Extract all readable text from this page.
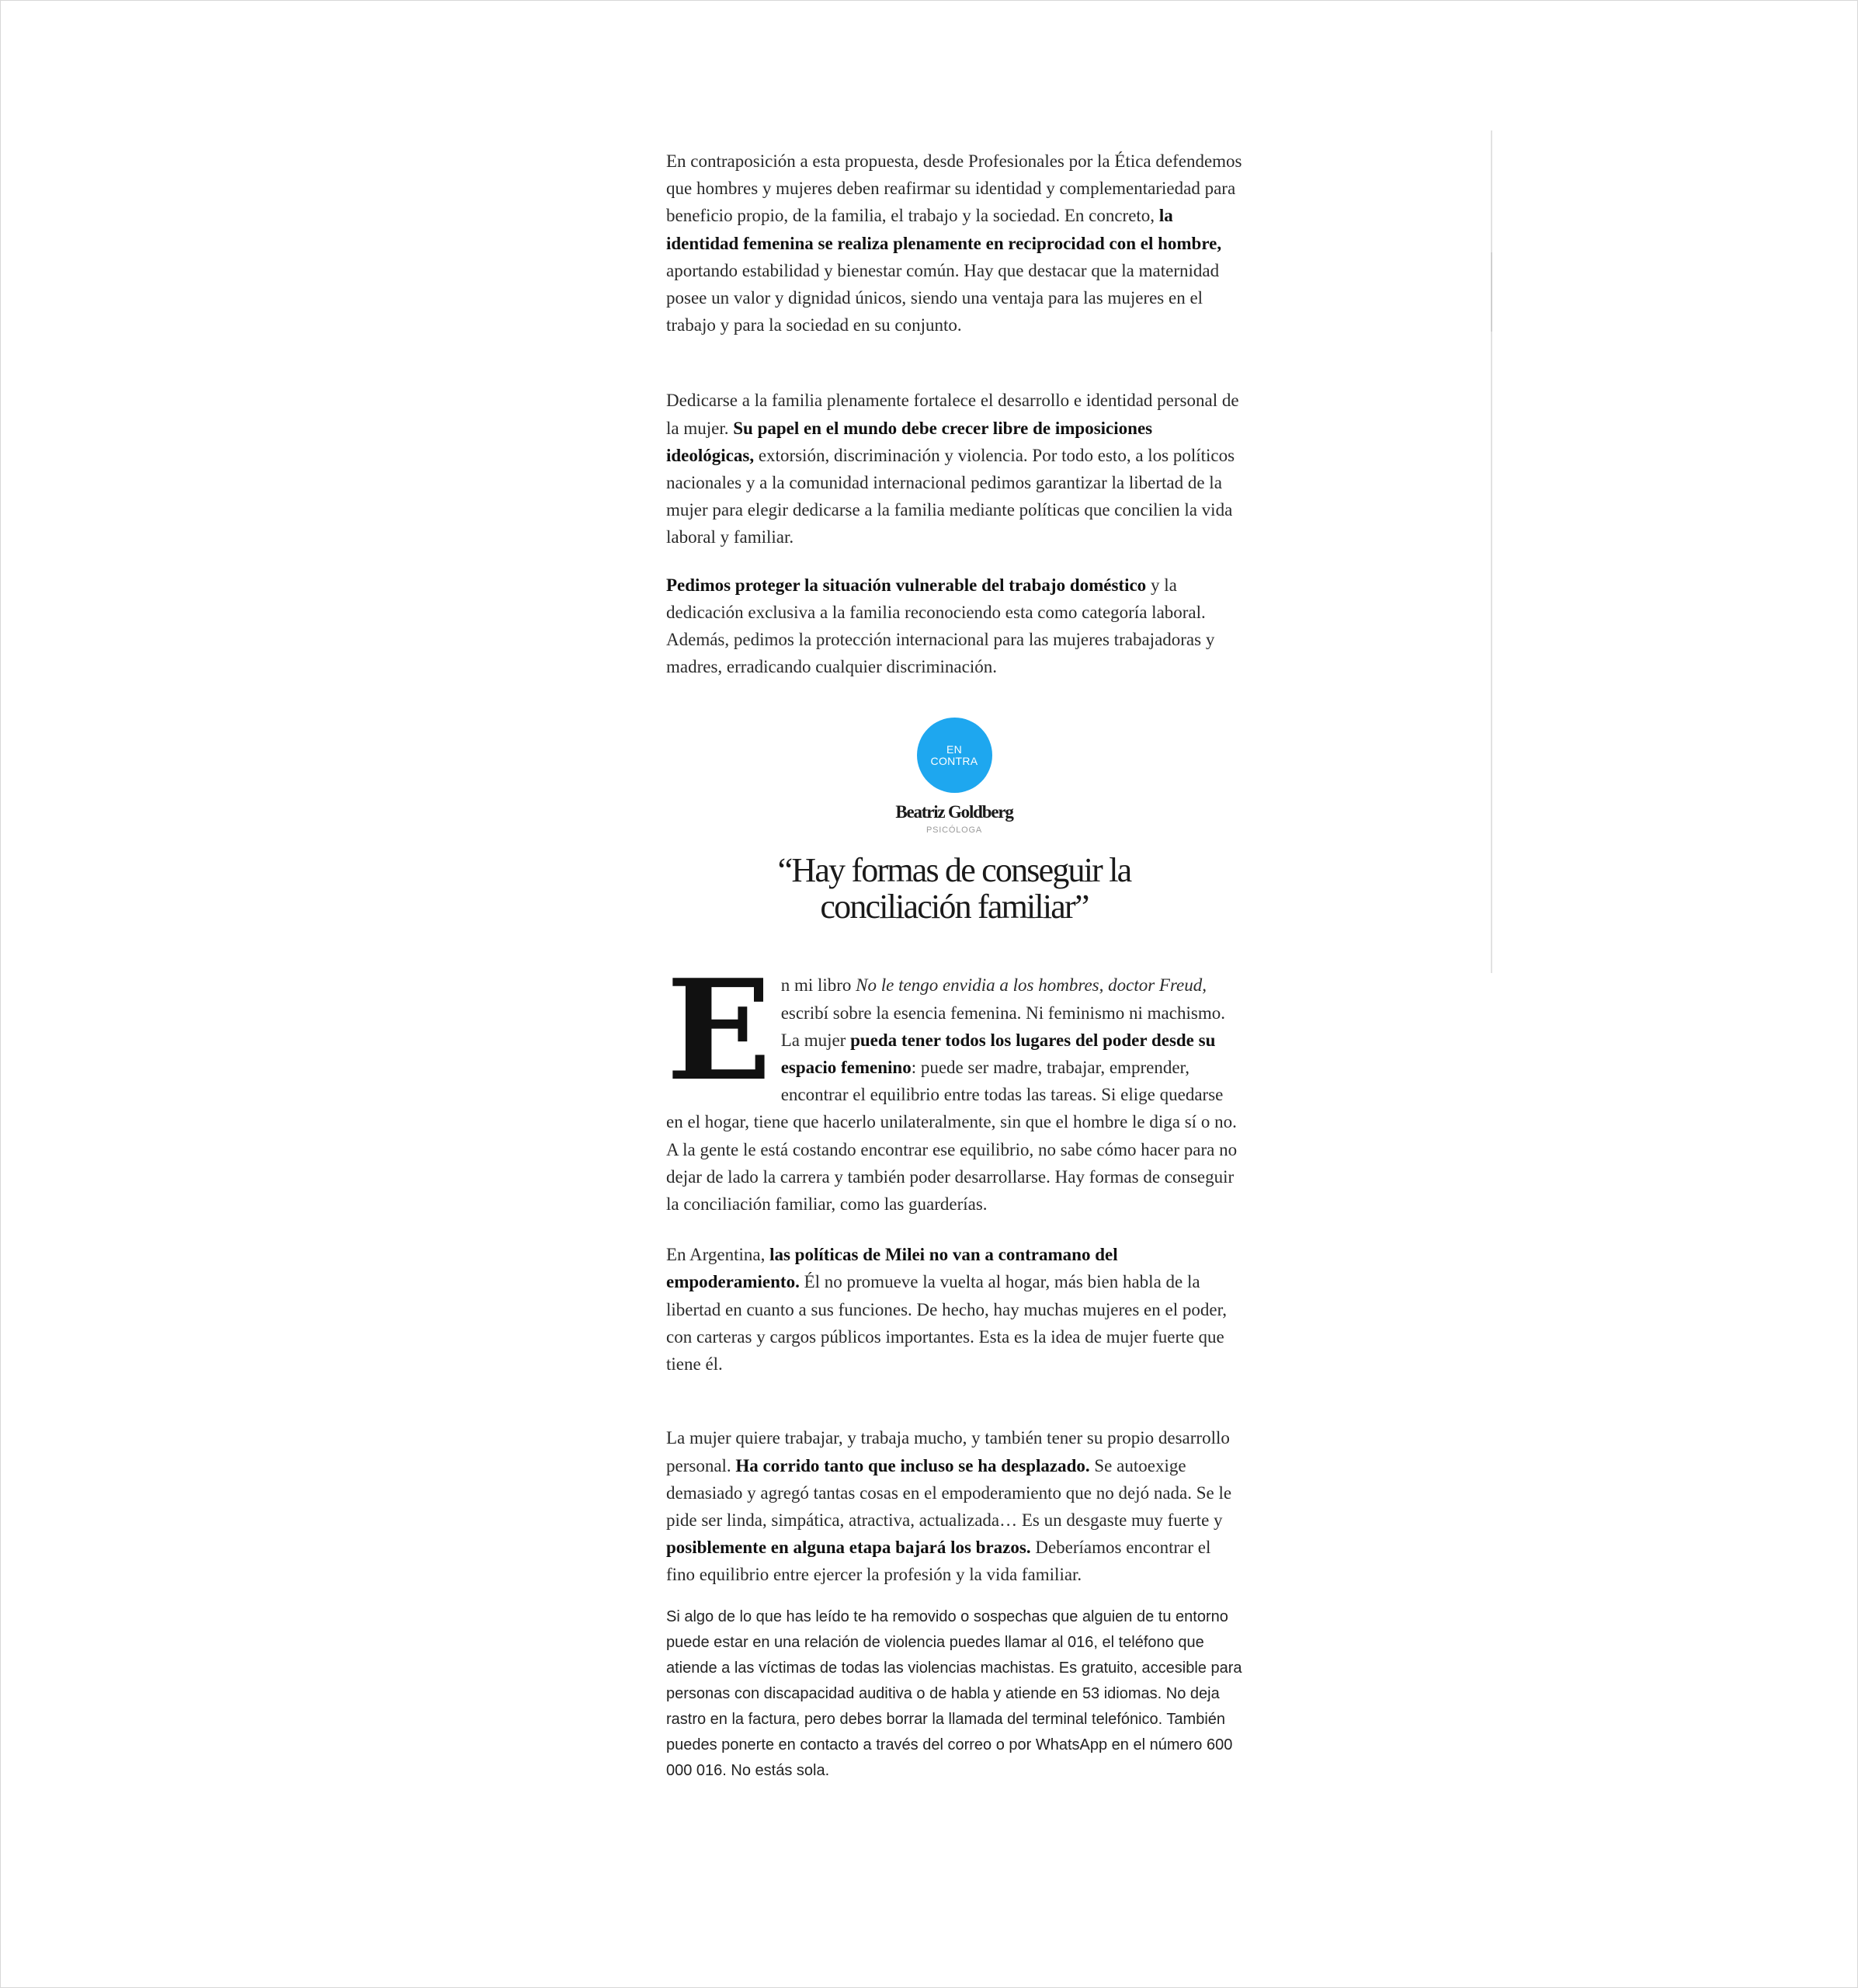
En contraposición a esta propuesta, desde Profesionales por la Ética defendemos que hombres y mujeres deben reafirmar su identidad y complementariedad para beneficio propio, de la familia, el trabajo y la sociedad. En concreto, la identidad femenina se realiza plenamente en reciprocidad con el hombre, aportando estabilidad y bienestar común. Hay que destacar que la maternidad posee un valor y dignidad únicos, siendo una ventaja para las mujeres en el trabajo y para la sociedad en su conjunto.

Dedicarse a la familia plenamente fortalece el desarrollo e identidad personal de la mujer. Su papel en el mundo debe crecer libre de imposiciones ideológicas, extorsión, discriminación y violencia. Por todo esto, a los políticos nacionales y a la comunidad internacional pedimos garantizar la libertad de la mujer para elegir dedicarse a la familia mediante políticas que concilien la vida laboral y familiar.

Pedimos proteger la situación vulnerable del trabajo doméstico y la dedicación exclusiva a la familia reconociendo esta como categoría laboral. Además, pedimos la protección internacional para las mujeres trabajadoras y madres, erradicando cualquier discriminación.

EN
CONTRA
Beatriz Goldberg
PSICÓLOGA
“Hay formas de conseguir la
conciliación familiar”
E n mi libro No le tengo envidia a los hombres, doctor Freud, escribí sobre la esencia femenina. Ni feminismo ni machismo. La mujer pueda tener todos los lugares del poder desde su espacio femenino: puede ser madre, trabajar, emprender, encontrar el equilibrio entre todas las tareas. Si elige quedarse en el hogar, tiene que hacerlo unilateralmente, sin que el hombre le diga sí o no. A la gente le está costando encontrar ese equilibrio, no sabe cómo hacer para no dejar de lado la carrera y también poder desarrollarse. Hay formas de conseguir la conciliación familiar, como las guarderías.

En Argentina, las políticas de Milei no van a contramano del empoderamiento. Él no promueve la vuelta al hogar, más bien habla de la libertad en cuanto a sus funciones. De hecho, hay muchas mujeres en el poder, con carteras y cargos públicos importantes. Esta es la idea de mujer fuerte que tiene él.

La mujer quiere trabajar, y trabaja mucho, y también tener su propio desarrollo personal. Ha corrido tanto que incluso se ha desplazado. Se autoexige demasiado y agregó tantas cosas en el empoderamiento que no dejó nada. Se le pide ser linda, simpática, atractiva, actualizada… Es un desgaste muy fuerte y posiblemente en alguna etapa bajará los brazos. Deberíamos encontrar el fino equilibrio entre ejercer la profesión y la vida familiar.

Si algo de lo que has leído te ha removido o sospechas que alguien de tu entorno puede estar en una relación de violencia puedes llamar al 016, el teléfono que atiende a las víctimas de todas las violencias machistas. Es gratuito, accesible para personas con discapacidad auditiva o de habla y atiende en 53 idiomas. No deja rastro en la factura, pero debes borrar la llamada del terminal telefónico. También puedes ponerte en contacto a través del correo o por WhatsApp en el número 600 000 016. No estás sola.
